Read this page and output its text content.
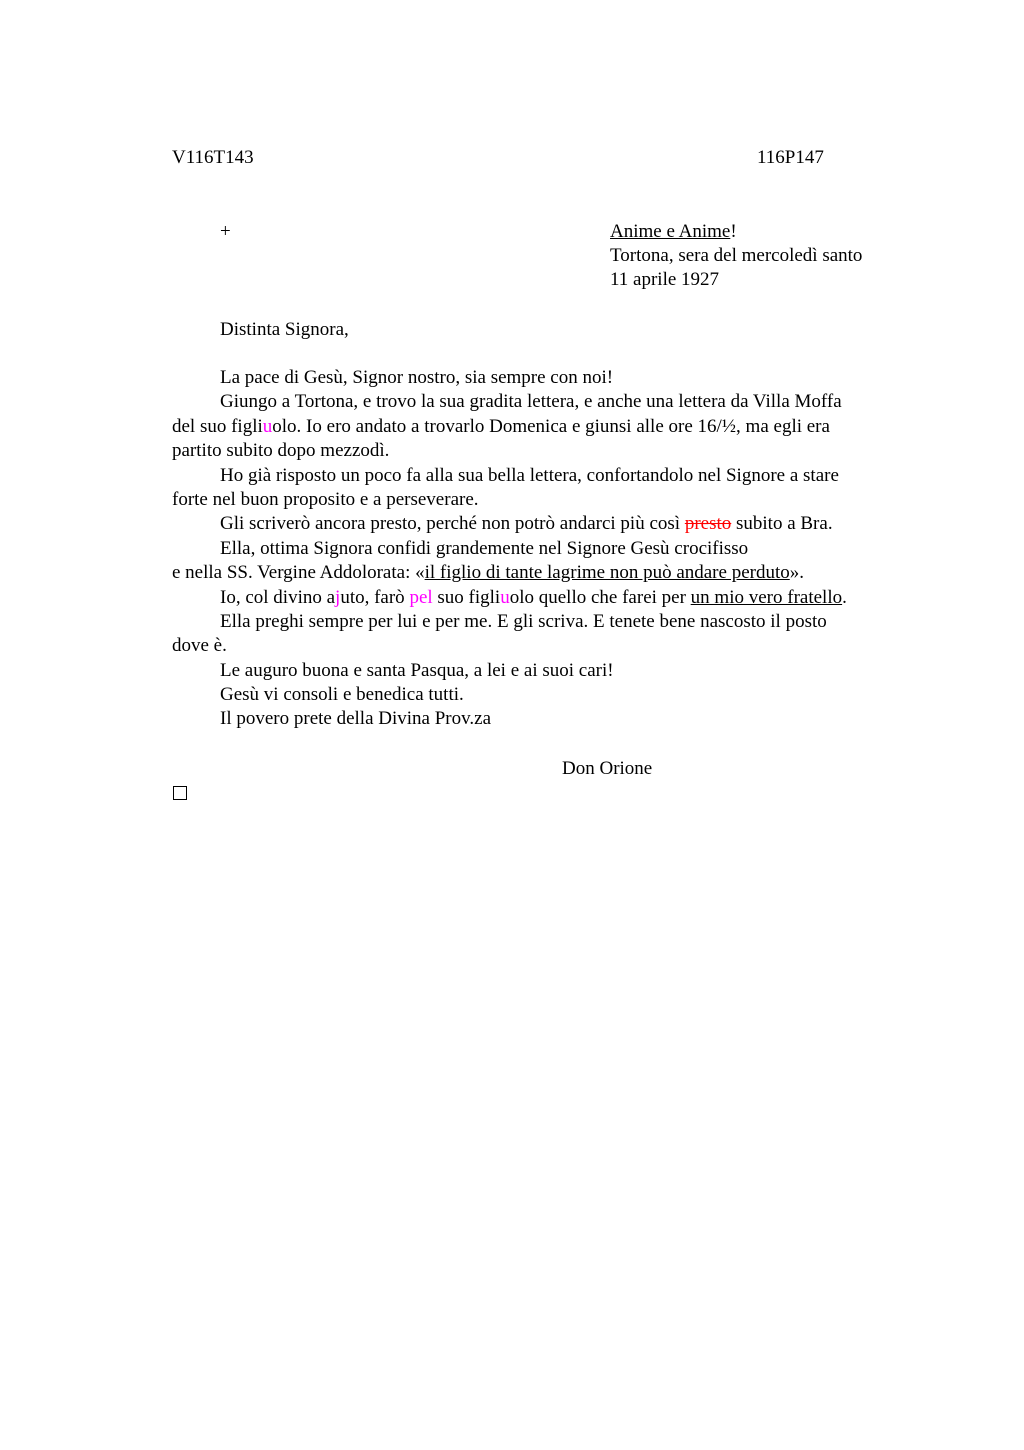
V116T143	116P147
+	Anime e Anime!
Tortona, sera del mercoledì santo
11 aprile 1927
Distinta Signora,
La pace di Gesù, Signor nostro, sia sempre con noi!
Giungo a Tortona, e trovo la sua gradita lettera, e anche una lettera da Villa Moffa
del suo figliuolo. Io ero andato a trovarlo Domenica e giunsi alle ore 16/½, ma egli era
partito subito dopo mezzodì.
Ho già risposto un poco fa alla sua bella lettera, confortandolo nel Signore a stare
forte nel buon proposito e a perseverare.
Gli scriverò ancora presto, perché non potrò andarci più così presto subito a Bra.
Ella, ottima Signora confidi grandemente nel Signore Gesù crocifisso
e nella SS. Vergine Addolorata: «il figlio di tante lagrime non può andare perduto».
Io, col divino ajuto, farò pel suo figliuolo quello che farei per un mio vero fratello.
Ella preghi sempre per lui e per me. E gli scriva. E tenete bene nascosto il posto
dove è.
Le auguro buona e santa Pasqua, a lei e ai suoi cari!
Gesù vi consoli e benedica tutti.
Il povero prete della Divina Prov.za
Don Orione
